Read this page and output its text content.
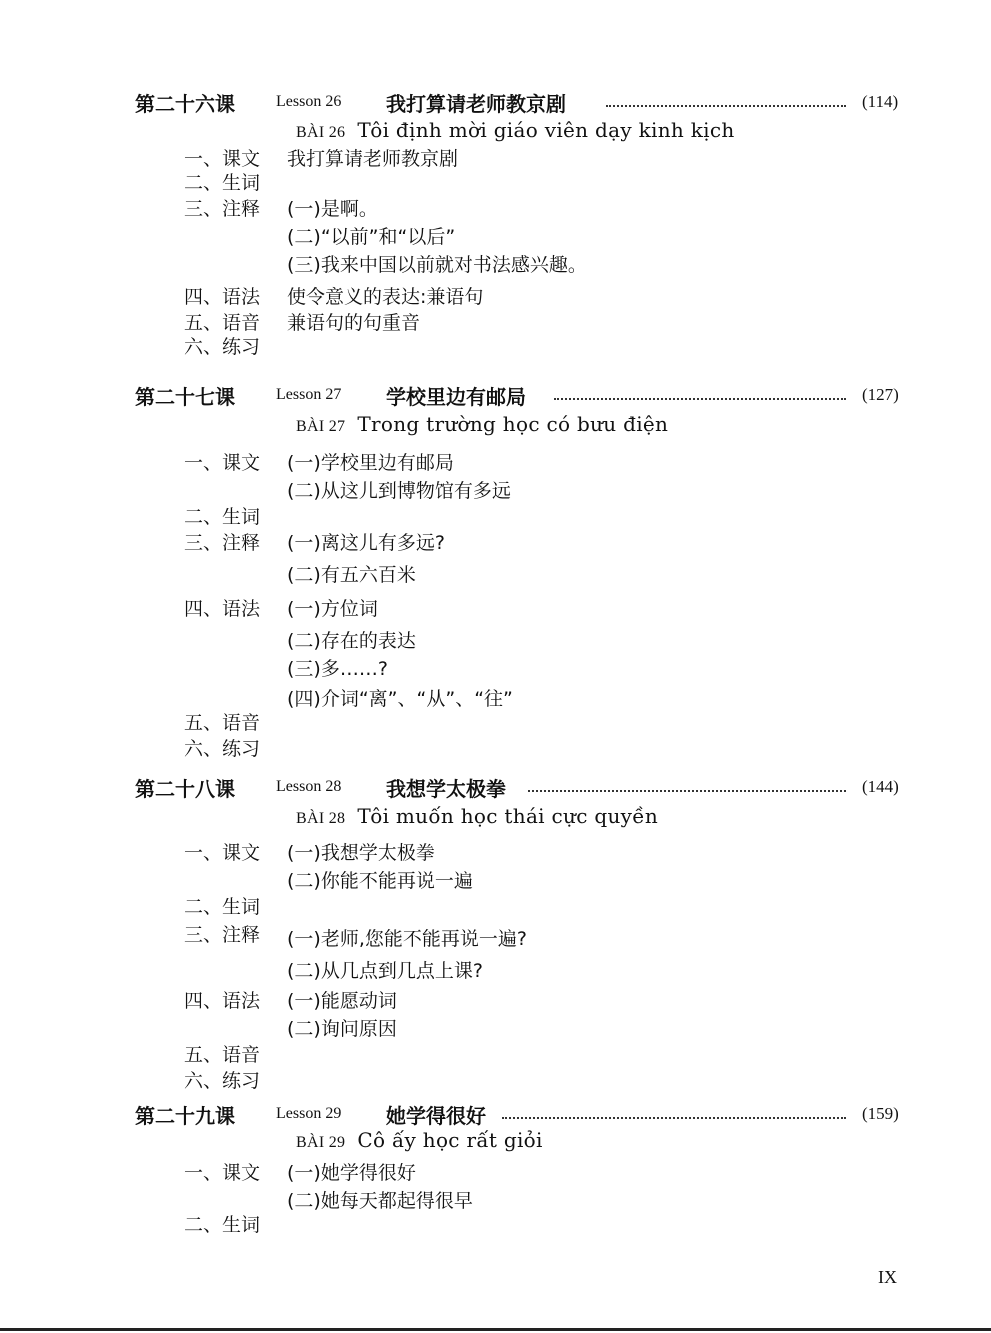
第二十六课	Lesson 26 我打算请老师教京剧	(114)
BÀI 26 Tôi định mời giáo viên dạy kinh kịch
一、课文 我打算请老师教京剧
二、生词
三、注释 (一)是啊。
(二)“以前”和“以后”
(三)我来中国以前就对书法感兴趣。
四、语法 使令意义的表达:兼语句
五、语音 兼语句的句重音
六、练习
第二十七课	Lesson 27 学校里边有邮局	(127)
BÀI 27 Trong trường học có bưu điện
一、课文 (一)学校里边有邮局
(二)从这儿到博物馆有多远
二、生词
三、注释 (一)离这儿有多远?
(二)有五六百米
四、语法 (一)方位词
(二)存在的表达
(三)多……?
(四)介词“离”、“从”、“往”
五、语音
六、练习
第二十八课	Lesson 28 我想学太极拳	(144)
BÀI 28 Tôi muốn học thái cực quyền
一、课文 (一)我想学太极拳
(二)你能不能再说一遍
二、生词
三、注释 (一)老师,您能不能再说一遍?
(二)从几点到几点上课?
四、语法 (一)能愿动词
(二)询问原因
五、语音
六、练习
第二十九课	Lesson 29 她学得很好	(159)
BÀI 29 Cô ấy học rất giỏi
一、课文 (一)她学得很好
(二)她每天都起得很早
二、生词
IX
